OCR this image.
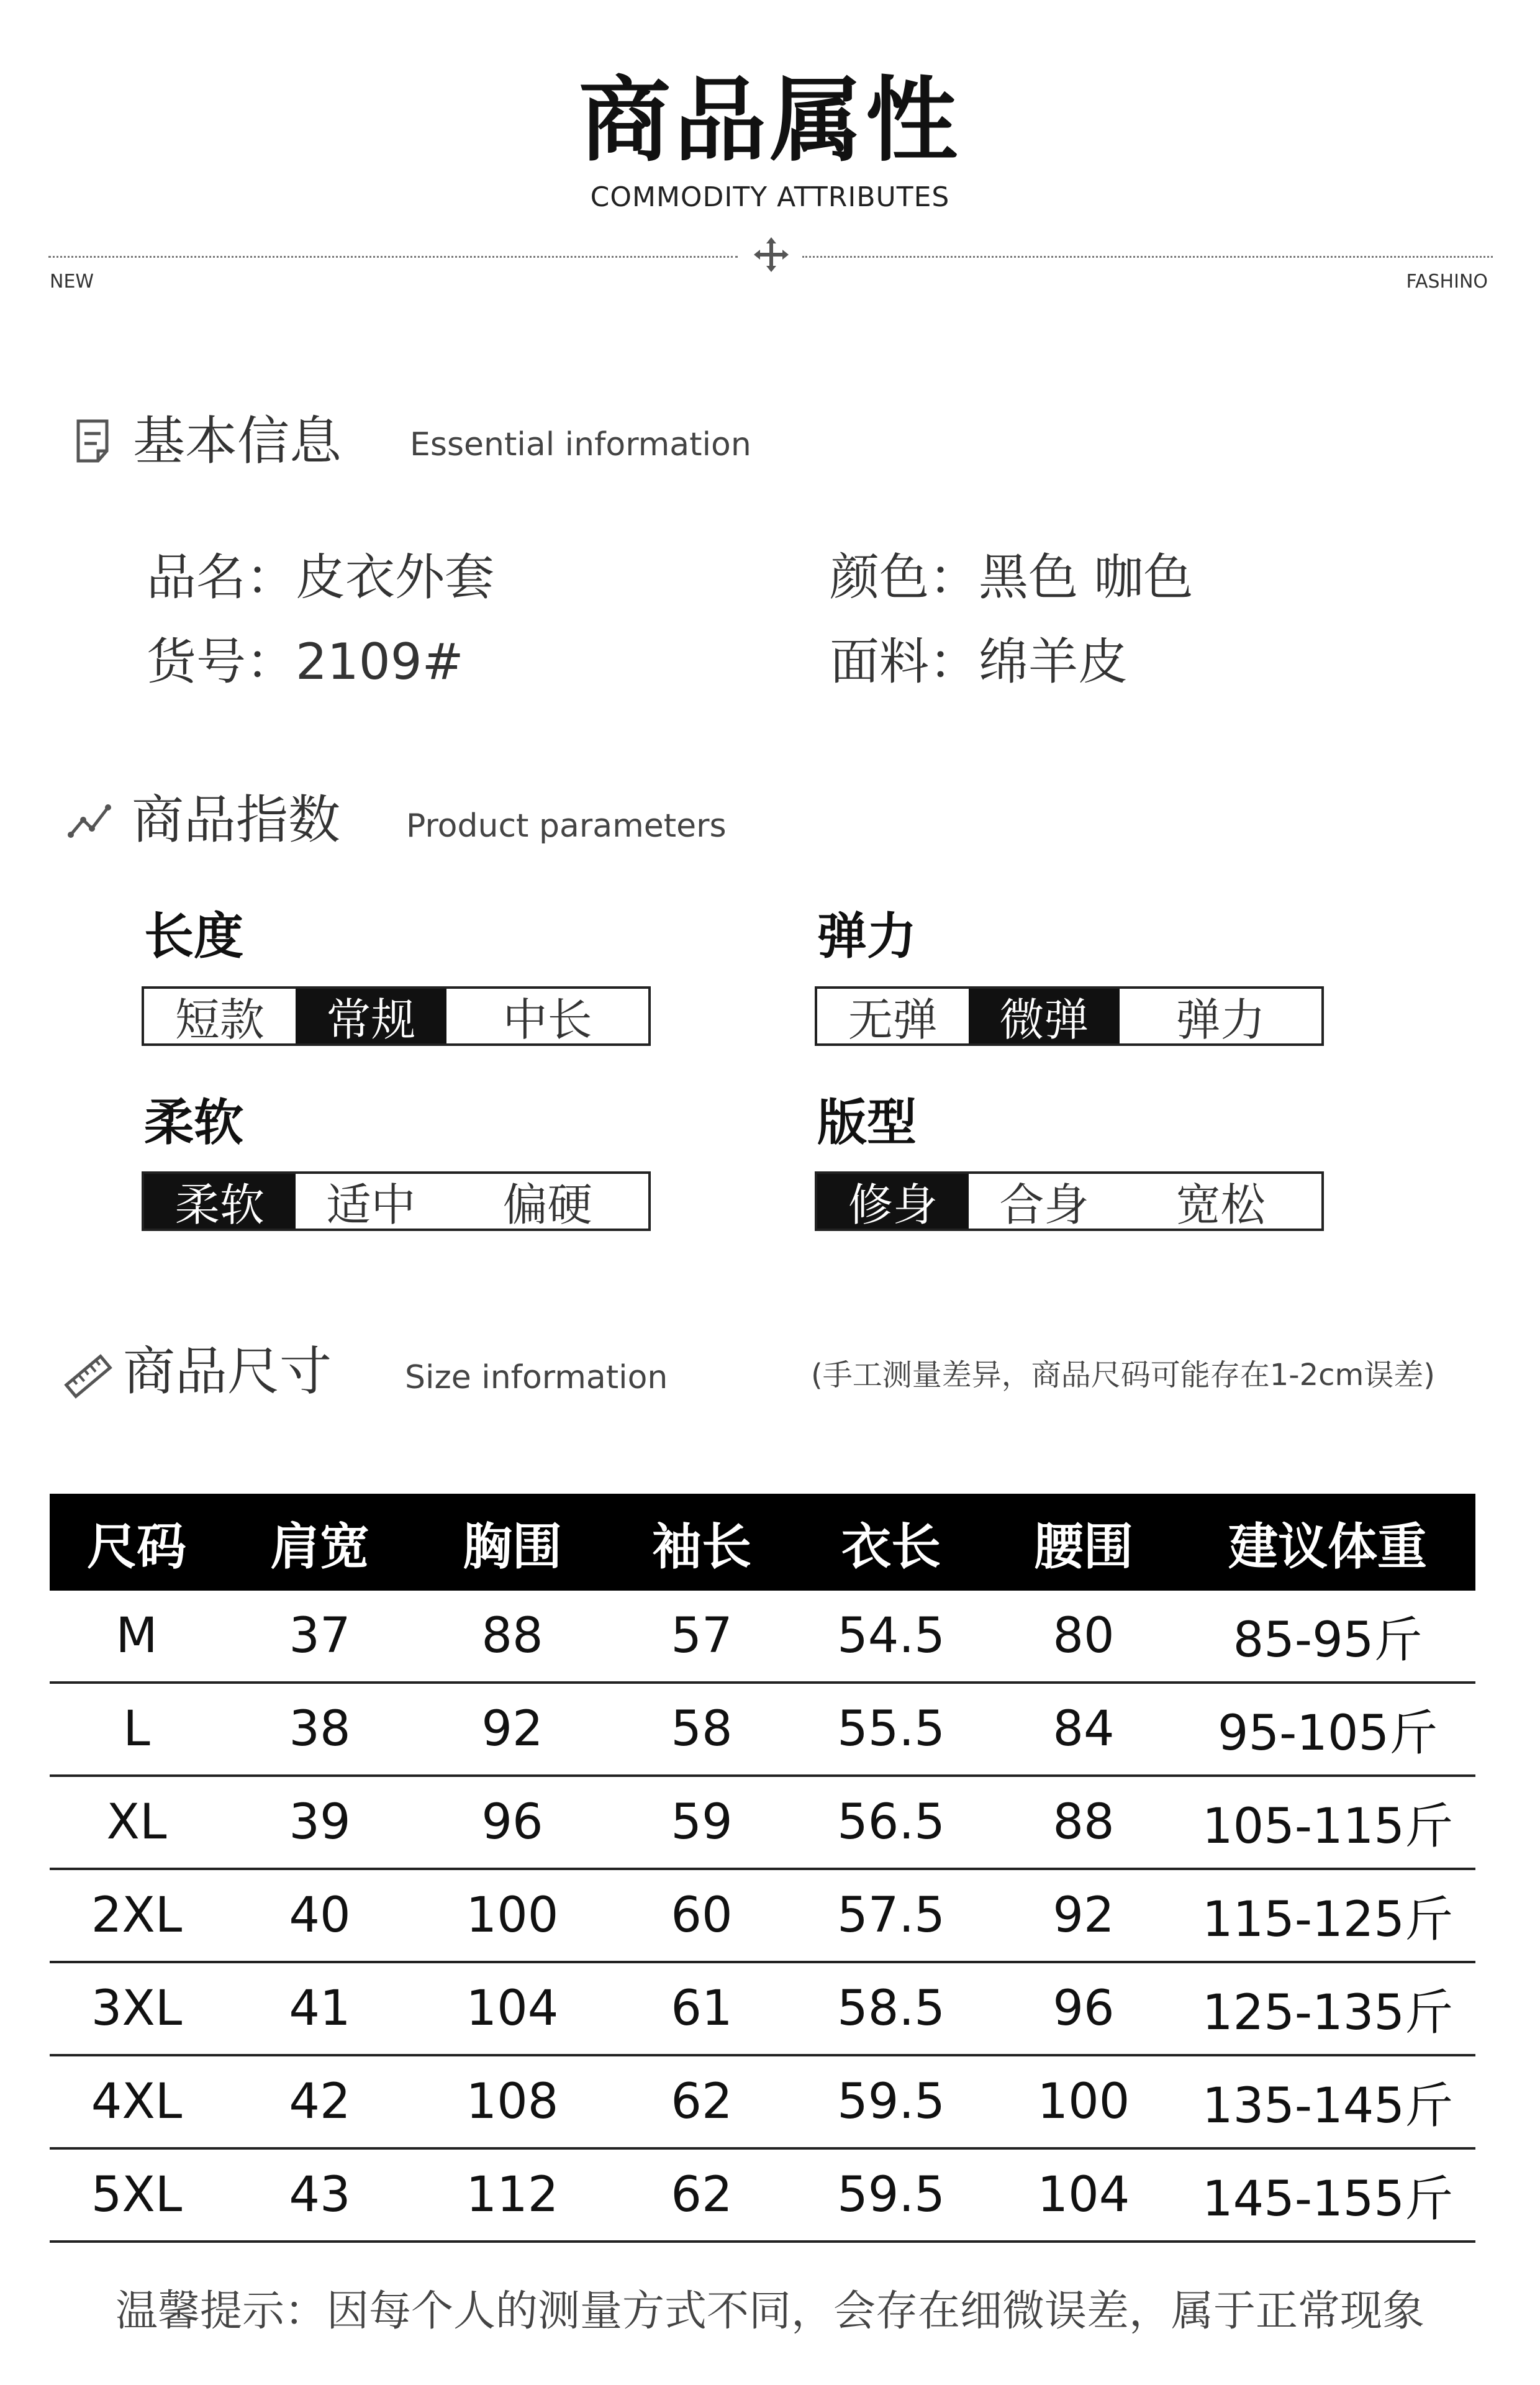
商品属性
COMMODITY ATTRIBUTES
NEW	FASHINO
基本信息 Essential information
品名：皮衣外套	颜色：黑色 咖色
货号：2109#	面料：绵羊皮
商品指数 Product parameters
长度
短款	常规	中长
弹力
无弹	微弹	弹力
柔软
柔软	适中	偏硬
版型
修身	合身	宽松
商品尺寸 Size information	(手工测量差异，商品尺码可能存在1-2cm误差)
尺码	肩宽	胸围	袖长	衣长	腰围	建议体重
M	37	88	57	54.5	80	85-95斤
L	38	92	58	55.5	84	95-105斤
XL	39	96	59	56.5	88	105-115斤
2XL	40	100	60	57.5	92	115-125斤
3XL	41	104	61	58.5	96	125-135斤
4XL	42	108	62	59.5	100	135-145斤
5XL	43	112	62	59.5	104	145-155斤
温馨提示：因每个人的测量方式不同，会存在细微误差，属于正常现象
